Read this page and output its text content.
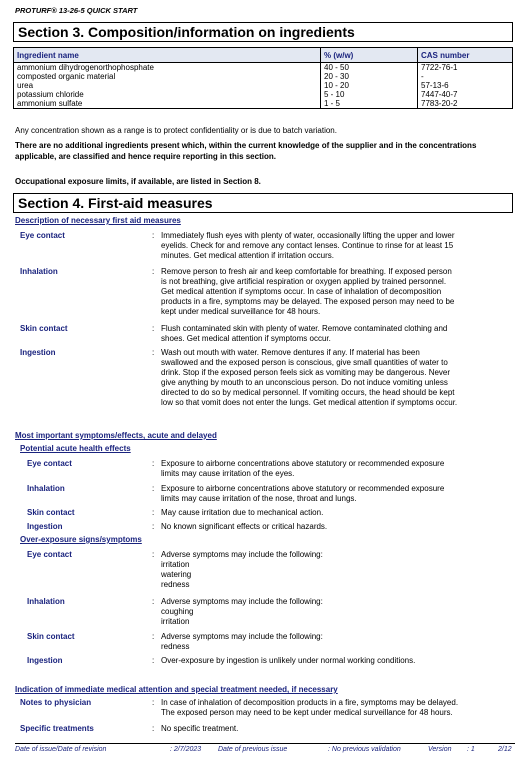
PROTURF® 13-26-5 QUICK START
Section 3. Composition/information on ingredients
Ingredient name	% (w/w)	CAS number
ammonium dihydrogenorthophosphate	40 - 50	7722-76-1
composted organic material	20 - 30	-
urea	10 - 20	57-13-6
potassium chloride	5 - 10	7447-40-7
ammonium sulfate	1 - 5	7783-20-2
Any concentration shown as a range is to protect confidentiality or is due to batch variation.
There are no additional ingredients present which, within the current knowledge of the supplier and in the concentrations applicable, are classified and hence require reporting in this section.
Occupational exposure limits, if available, are listed in Section 8.
Section 4. First-aid measures
Description of necessary first aid measures
Eye contact	: Immediately flush eyes with plenty of water, occasionally lifting the upper and lower
eyelids. Check for and remove any contact lenses. Continue to rinse for at least 15
minutes. Get medical attention if irritation occurs.
Inhalation	: Remove person to fresh air and keep comfortable for breathing. If exposed person
is not breathing, give artificial respiration or oxygen applied by trained personnel.
Get medical attention if symptoms occur. In case of inhalation of decomposition
products in a fire, symptoms may be delayed. The exposed person may need to be
kept under medical surveillance for 48 hours.
Skin contact	: Flush contaminated skin with plenty of water. Remove contaminated clothing and
shoes. Get medical attention if symptoms occur.
Ingestion	: Wash out mouth with water. Remove dentures if any. If material has been
swallowed and the exposed person is conscious, give small quantities of water to
drink. Stop if the exposed person feels sick as vomiting may be dangerous. Never
give anything by mouth to an unconscious person. Do not induce vomiting unless
directed to do so by medical personnel. If vomiting occurs, the head should be kept
low so that vomit does not enter the lungs. Get medical attention if symptoms occur.
Eye contact	: Exposure to airborne concentrations above statutory or recommended exposure
limits may cause irritation of the eyes.
Inhalation	: Exposure to airborne concentrations above statutory or recommended exposure
limits may cause irritation of the nose, throat and lungs.
Skin contact	: May cause irritation due to mechanical action.
Ingestion	: No known significant effects or critical hazards.
Eye contact	: Adverse symptoms may include the following:
irritation
watering
redness
Inhalation	: Adverse symptoms may include the following:
coughing
irritation
Skin contact	: Adverse symptoms may include the following:
redness
Ingestion	: Over-exposure by ingestion is unlikely under normal working conditions.
Notes to physician	: In case of inhalation of decomposition products in a fire, symptoms may be delayed.
The exposed person may need to be kept under medical surveillance for 48 hours.
Specific treatments	: No specific treatment.
Most important symptoms/effects, acute and delayed
Potential acute health effects
Over-exposure signs/symptoms
Indication of immediate medical attention and special treatment needed, if necessary
Date of issue/Date of revision	: 2/7/2023 Date of previous issue	: No previous validation	Version : 1	2/12
